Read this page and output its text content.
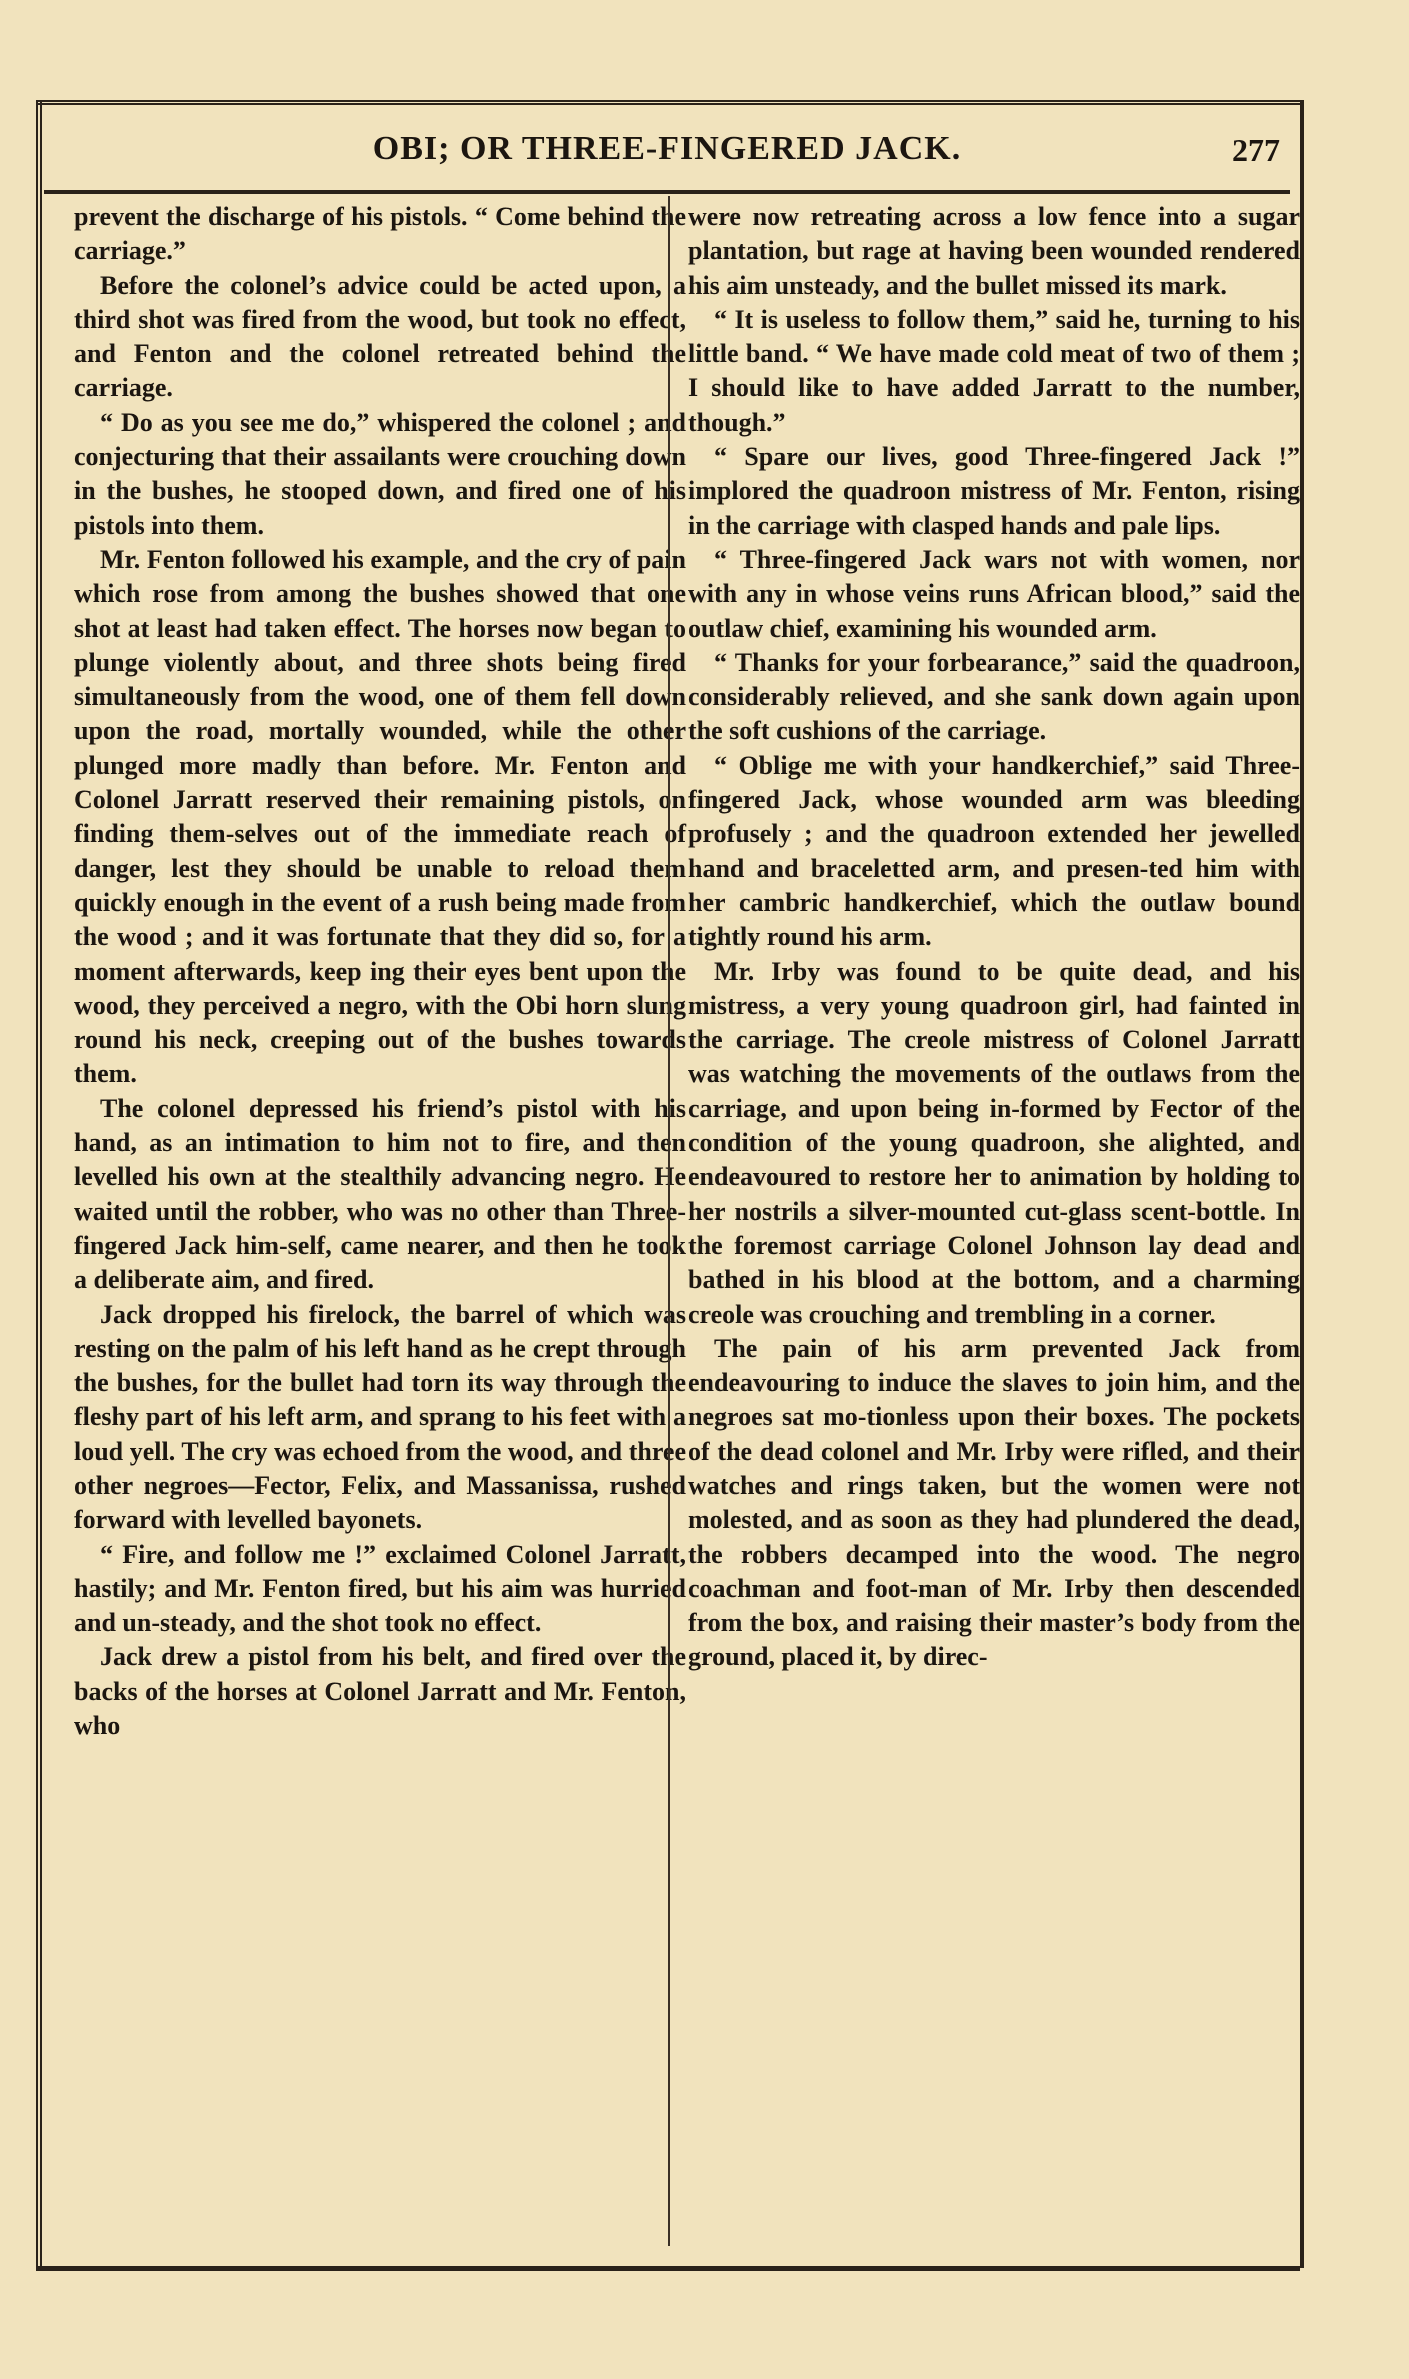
OBI; OR THREE-FINGERED JACK.	277

prevent the discharge of his pistols. “ Come behind the carriage.”

Before the colonel’s advice could be acted upon, a third shot was fired from the wood, but took no effect, and Fenton and the colonel retreated behind the carriage.

“ Do as you see me do,” whispered the colonel ; and conjecturing that their assailants were crouching down in the bushes, he stooped down, and fired one of his pistols into them.

Mr. Fenton followed his example, and the cry of pain which rose from among the bushes showed that one shot at least had taken effect. The horses now began to plunge violently about, and three shots being fired simultaneously from the wood, one of them fell down upon the road, mortally wounded, while the other plunged more madly than before. Mr. Fenton and Colonel Jarratt reserved their remaining pistols, on finding them-selves out of the immediate reach of danger, lest they should be unable to reload them quickly enough in the event of a rush being made from the wood ; and it was fortunate that they did so, for a moment afterwards, keep ing their eyes bent upon the wood, they perceived a negro, with the Obi horn slung round his neck, creeping out of the bushes towards them.

The colonel depressed his friend’s pistol with his hand, as an intimation to him not to fire, and then levelled his own at the stealthily advancing negro. He waited until the robber, who was no other than Three-fingered Jack him-self, came nearer, and then he took a deliberate aim, and fired.

Jack dropped his firelock, the barrel of which was resting on the palm of his left hand as he crept through the bushes, for the bullet had torn its way through the fleshy part of his left arm, and sprang to his feet with a loud yell. The cry was echoed from the wood, and three other negroes—Fector, Felix, and Massanissa, rushed forward with levelled bayonets.

“ Fire, and follow me !” exclaimed Colonel Jarratt, hastily; and Mr. Fenton fired, but his aim was hurried and un-steady, and the shot took no effect.

Jack drew a pistol from his belt, and fired over the backs of the horses at Colonel Jarratt and Mr. Fenton, who

were now retreating across a low fence into a sugar plantation, but rage at having been wounded rendered his aim unsteady, and the bullet missed its mark.

“ It is useless to follow them,” said he, turning to his little band. “ We have made cold meat of two of them ; I should like to have added Jarratt to the number, though.”

“ Spare our lives, good Three-fingered Jack !” implored the quadroon mistress of Mr. Fenton, rising in the carriage with clasped hands and pale lips.

“ Three-fingered Jack wars not with women, nor with any in whose veins runs African blood,” said the outlaw chief, examining his wounded arm.

“ Thanks for your forbearance,” said the quadroon, considerably relieved, and she sank down again upon the soft cushions of the carriage.

“ Oblige me with your handkerchief,” said Three-fingered Jack, whose wounded arm was bleeding profusely ; and the quadroon extended her jewelled hand and braceletted arm, and presen-ted him with her cambric handkerchief, which the outlaw bound tightly round his arm.

Mr. Irby was found to be quite dead, and his mistress, a very young quadroon girl, had fainted in the carriage. The creole mistress of Colonel Jarratt was watching the movements of the outlaws from the carriage, and upon being in-formed by Fector of the condition of the young quadroon, she alighted, and endeavoured to restore her to animation by holding to her nostrils a silver-mounted cut-glass scent-bottle. In the foremost carriage Colonel Johnson lay dead and bathed in his blood at the bottom, and a charming creole was crouching and trembling in a corner.

The pain of his arm prevented Jack from endeavouring to induce the slaves to join him, and the negroes sat mo-tionless upon their boxes. The pockets of the dead colonel and Mr. Irby were rifled, and their watches and rings taken, but the women were not molested, and as soon as they had plundered the dead, the robbers decamped into the wood. The negro coachman and foot-man of Mr. Irby then descended from the box, and raising their master’s body from the ground, placed it, by direc-
